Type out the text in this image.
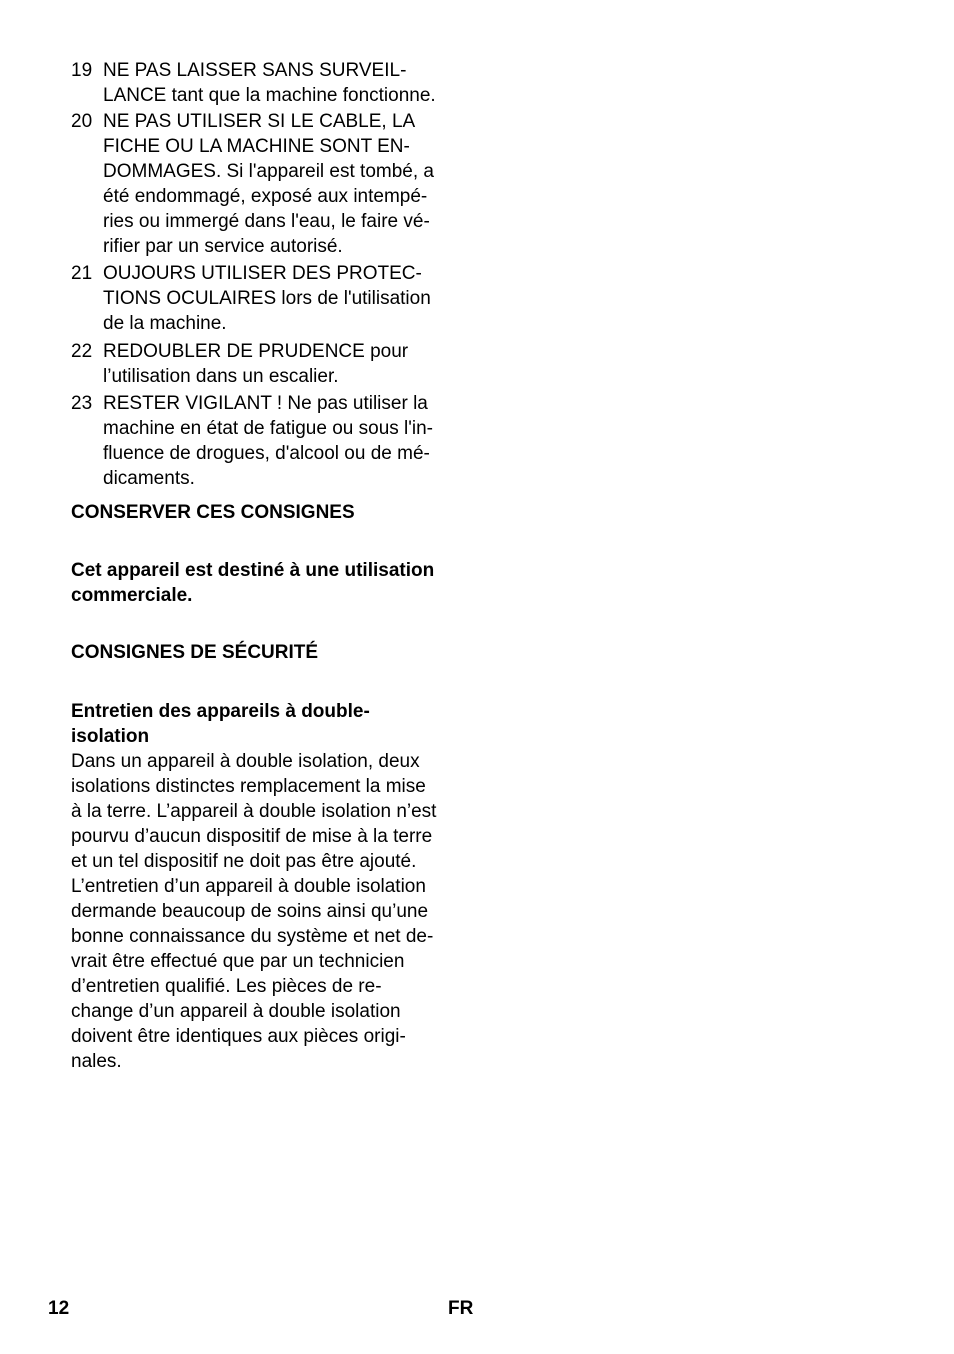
19 NE PAS LAISSER SANS SURVEIL-
LANCE tant que la machine fonctionne.
20 NE PAS UTILISER SI LE CABLE, LA
FICHE OU LA MACHINE SONT EN-
DOMMAGES. Si l'appareil est tombé, a
été endommagé, exposé aux intempé-
ries ou immergé dans l'eau, le faire vé-
rifier par un service autorisé.
21 OUJOURS UTILISER DES PROTEC-
TIONS OCULAIRES lors de l'utilisation
de la machine.
22 REDOUBLER DE PRUDENCE pour
l’utilisation dans un escalier.
23 RESTER VIGILANT ! Ne pas utiliser la
machine en état de fatigue ou sous l'in-
fluence de drogues, d'alcool ou de mé-
dicaments.

CONSERVER CES CONSIGNES

Cet appareil est destiné à une utilisation
commerciale.

CONSIGNES DE SÉCURITÉ

Entretien des appareils à double-
isolation

Dans un appareil à double isolation, deux
isolations distinctes remplacement la mise
à la terre. L’appareil à double isolation n’est
pourvu d’aucun dispositif de mise à la terre
et un tel dispositif ne doit pas être ajouté.
L’entretien d’un appareil à double isolation
dermande beaucoup de soins ainsi qu’une
bonne connaissance du système et net de-
vrait être effectué que par un technicien
d’entretien qualifié. Les pièces de re-
change d’un appareil à double isolation
doivent être identiques aux pièces origi-
nales.

12	FR
